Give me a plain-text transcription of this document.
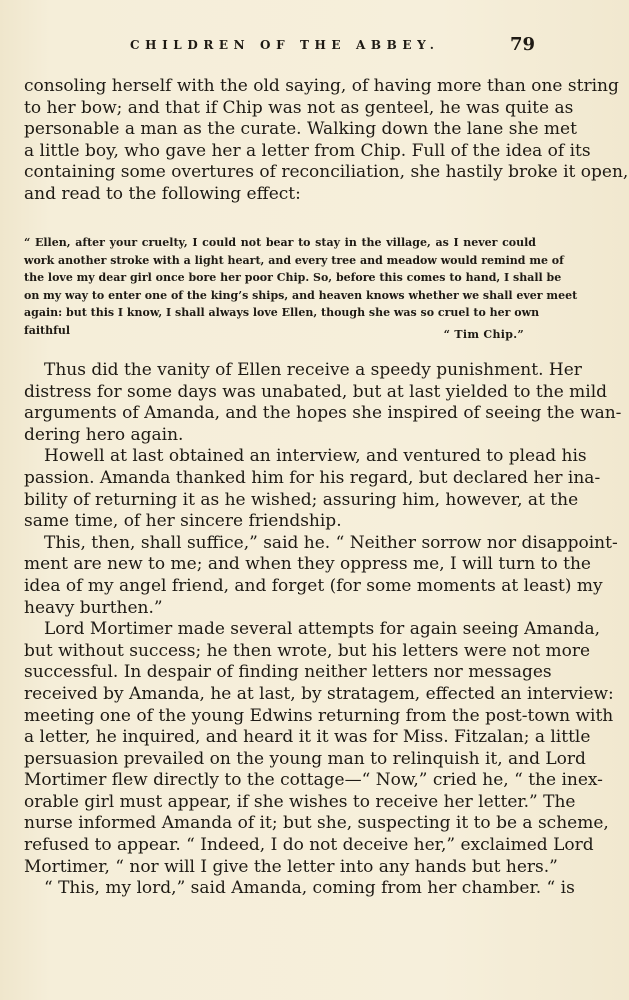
CHILDREN OF THE ABBEY.	79
consoling herself with the old saying, of having more than one string
to her bow; and that if Chip was not as genteel, he was quite as
personable a man as the curate. Walking down the lane she met
a little boy, who gave her a letter from Chip. Full of the idea of its
containing some overtures of reconciliation, she hastily broke it open,
and read to the following effect:
“ Ellen, after your cruelty, I could not bear to stay in the village, as I never could
work another stroke with a light heart, and every tree and meadow would remind me of
the love my dear girl once bore her poor Chip. So, before this comes to hand, I shall be
on my way to enter one of the king’s ships, and heaven knows whether we shall ever meet
again: but this I know, I shall always love Ellen, though she was so cruel to her own
faithful	“ Tim Chip.”
Thus did the vanity of Ellen receive a speedy punishment. Her
distress for some days was unabated, but at last yielded to the mild
arguments of Amanda, and the hopes she inspired of seeing the wan-
dering hero again.
Howell at last obtained an interview, and ventured to plead his
passion. Amanda thanked him for his regard, but declared her ina-
bility of returning it as he wished; assuring him, however, at the
same time, of her sincere friendship.
This, then, shall suffice,” said he. “ Neither sorrow nor disappoint-
ment are new to me; and when they oppress me, I will turn to the
idea of my angel friend, and forget (for some moments at least) my
heavy burthen.”
Lord Mortimer made several attempts for again seeing Amanda,
but without success; he then wrote, but his letters were not more
successful. In despair of finding neither letters nor messages
received by Amanda, he at last, by stratagem, effected an interview:
meeting one of the young Edwins returning from the post-town with
a letter, he inquired, and heard it it was for Miss. Fitzalan; a little
persuasion prevailed on the young man to relinquish it, and Lord
Mortimer flew directly to the cottage—“ Now,” cried he, “ the inex-
orable girl must appear, if she wishes to receive her letter.” The
nurse informed Amanda of it; but she, suspecting it to be a scheme,
refused to appear. “ Indeed, I do not deceive her,” exclaimed Lord
Mortimer, “ nor will I give the letter into any hands but hers.”
“ This, my lord,” said Amanda, coming from her chamber. “ is
